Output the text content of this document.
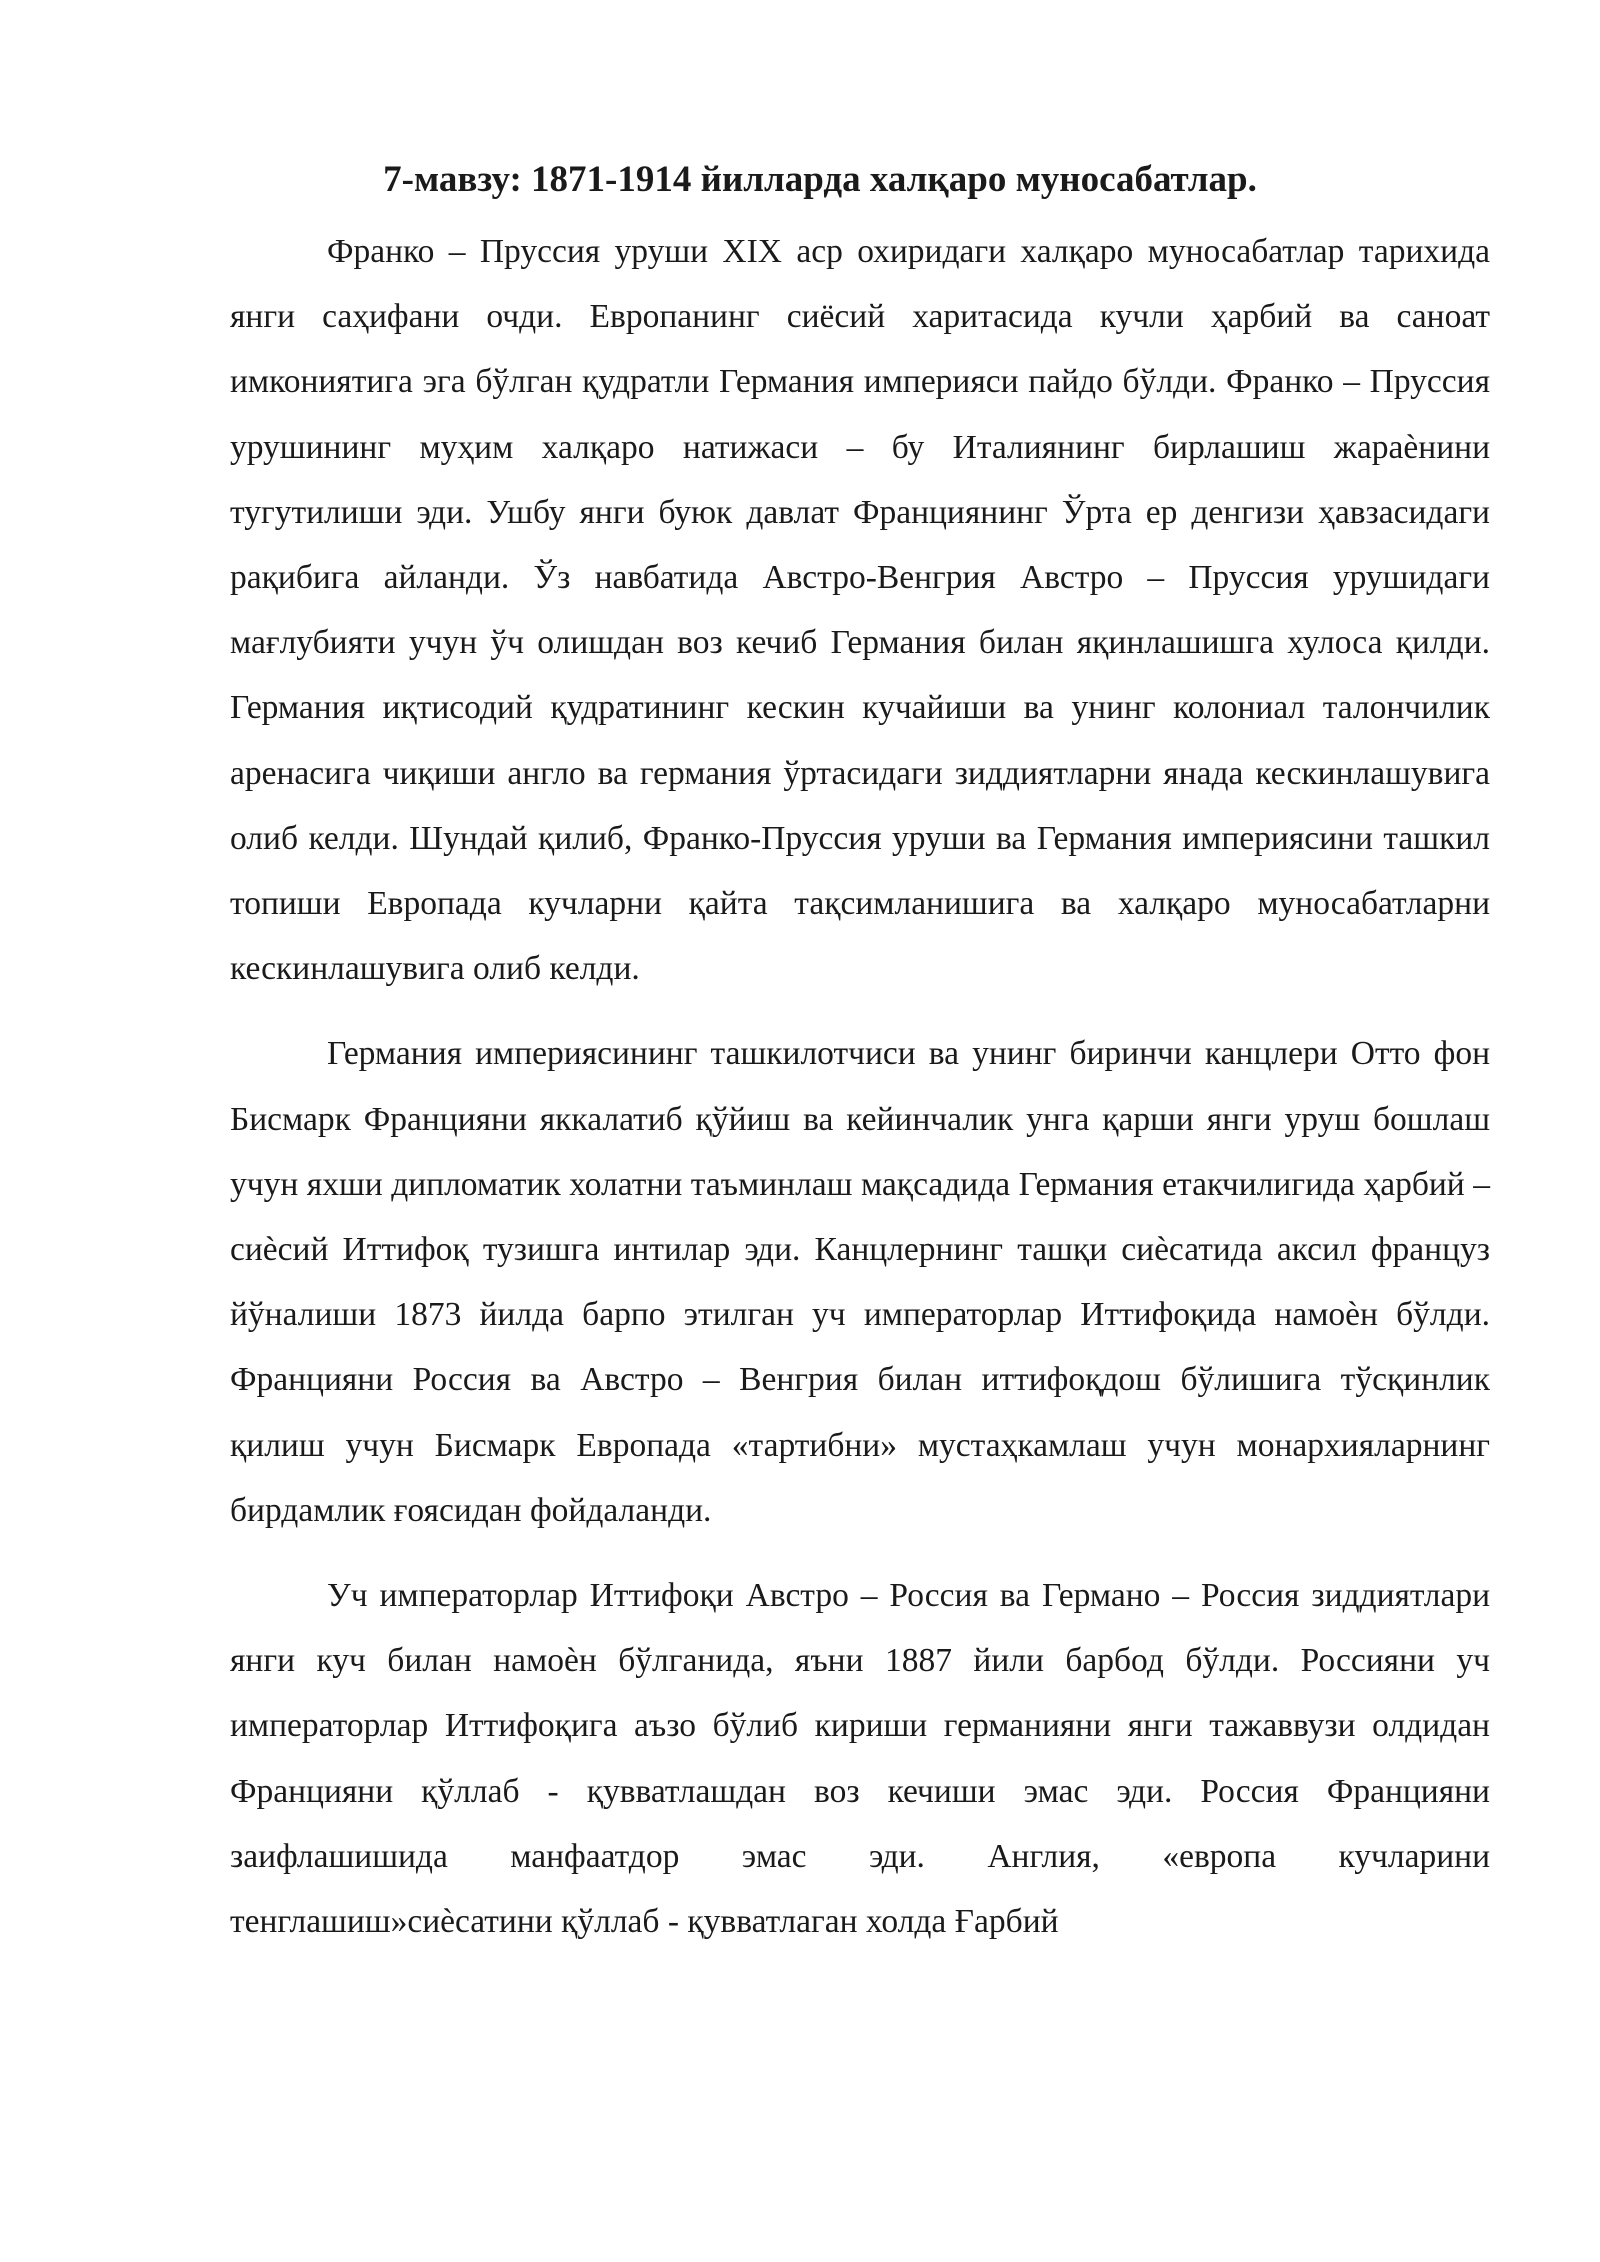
7-мавзу: 1871-1914 йилларда халқаро муносабатлар.

Франко – Пруссия уруши XIX аср охиридаги халқаро муносабатлар тарихида янги саҳифани очди. Европанинг сиёсий харитасида кучли ҳарбий ва саноат имкониятига эга бўлган қудратли Германия империяси пайдо бўлди. Франко – Пруссия урушининг муҳим халқаро натижаси – бу Италиянинг бирлашиш жараѐнини тугутилиши эди. Ушбу янги буюк давлат Франциянинг Ўрта ер денгизи ҳавзасидаги рақибига айланди. Ўз навбатида Австро-Венгрия Австро – Пруссия урушидаги мағлубияти учун ўч олишдан воз кечиб Германия билан яқинлашишга хулоса қилди. Германия иқтисодий қудратининг кескин кучайиши ва унинг колониал талончилик аренасига чиқиши англо ва германия ўртасидаги зиддиятларни янада кескинлашувига олиб келди. Шундай қилиб, Франко-Пруссия уруши ва Германия империясини ташкил топиши Европада кучларни қайта тақсимланишига ва халқаро муносабатларни кескинлашувига олиб келди.

Германия империясининг ташкилотчиси ва унинг биринчи канцлери Отто фон Бисмарк Францияни яккалатиб қўйиш ва кейинчалик унга қарши янги уруш бошлаш учун яхши дипломатик холатни таъминлаш мақсадида Германия етакчилигида ҳарбий – сиѐсий Иттифоқ тузишга интилар эди. Канцлернинг ташқи сиѐсатида аксил француз йўналиши 1873 йилда барпо этилган уч императорлар Иттифоқида намоѐн бўлди. Францияни Россия ва Австро – Венгрия билан иттифоқдош бўлишига тўсқинлик қилиш учун Бисмарк Европада «тартибни» мустаҳкамлаш учун монархияларнинг бирдамлик ғоясидан фойдаланди.

Уч императорлар Иттифоқи Австро – Россия ва Германо – Россия зиддиятлари янги куч билан намоѐн бўлганида, яъни 1887 йили барбод бўлди. Россияни уч императорлар Иттифоқига аъзо бўлиб кириши германияни янги тажаввузи олдидан Францияни қўллаб - қувватлашдан воз кечиши эмас эди. Россия Францияни заифлашишида манфаатдор эмас эди. Англия, «европа кучларини тенглашиш»сиѐсатини қўллаб - қувватлаган холда Ғарбий
